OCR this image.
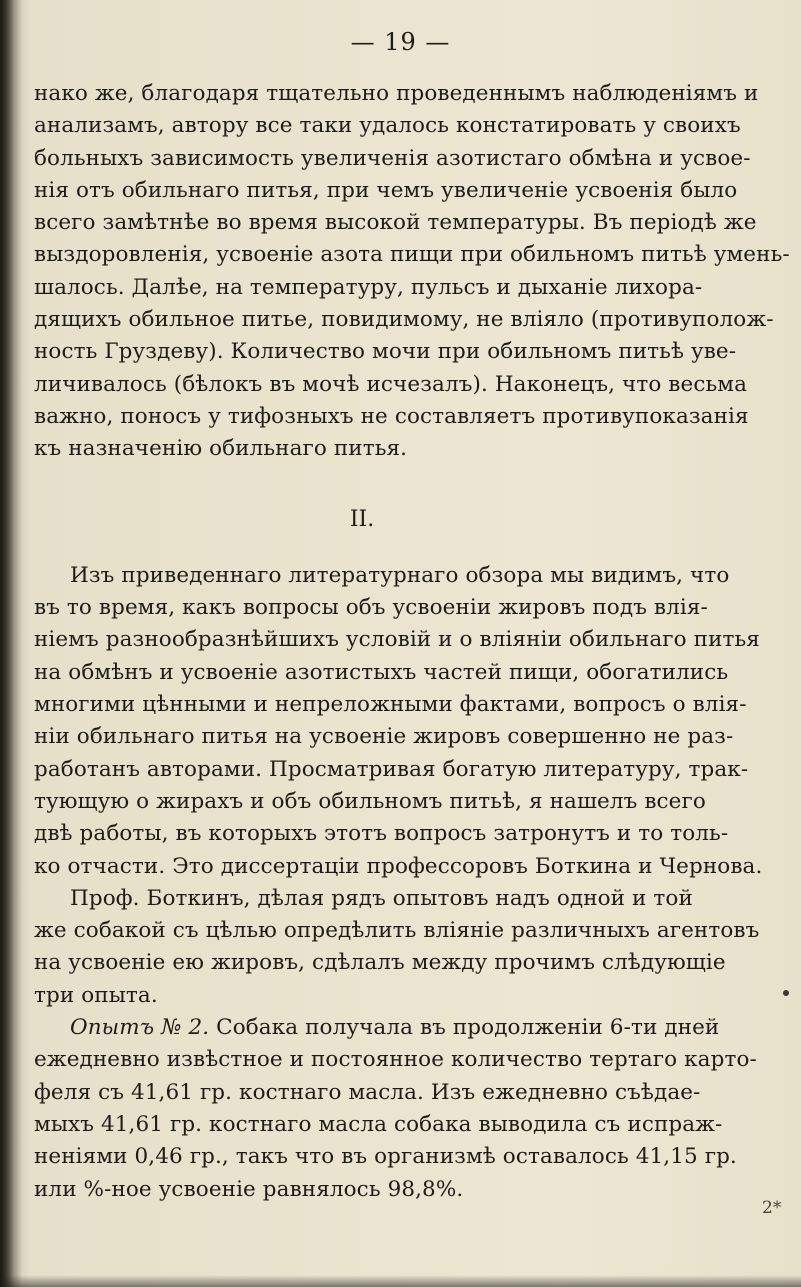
— 19 —
нако же, благодаря тщательно проведеннымъ наблюденіямъ и
анализамъ, автору все таки удалось констатировать у своихъ
больныхъ зависимость увеличенія азотистаго обмѣна и усвое-
нія отъ обильнаго питья, при чемъ увеличеніе усвоенія было
всего замѣтнѣе во время высокой температуры. Въ періодѣ же
выздоровленія, усвоеніе азота пищи при обильномъ питьѣ умень-
шалось. Далѣе, на температуру, пульсъ и дыханіе лихора-
дящихъ обильное питье, повидимому, не вліяло (противуполож-
ность Груздеву). Количество мочи при обильномъ питьѣ уве-
личивалось (бѣлокъ въ мочѣ исчезалъ). Наконецъ, что весьма
важно, поносъ у тифозныхъ не составляетъ противупоказанія
къ назначенію обильнаго питья.
II.
Изъ приведеннаго литературнаго обзора мы видимъ, что
въ то время, какъ вопросы объ усвоеніи жировъ подъ влія-
ніемъ разнообразнѣйшихъ условій и о вліяніи обильнаго питья
на обмѣнъ и усвоеніе азотистыхъ частей пищи, обогатились
многими цѣнными и непреложными фактами, вопросъ о влія-
ніи обильнаго питья на усвоеніе жировъ совершенно не раз-
работанъ авторами. Просматривая богатую литературу, трак-
тующую о жирахъ и объ обильномъ питьѣ, я нашелъ всего
двѣ работы, въ которыхъ этотъ вопросъ затронутъ и то толь-
ко отчасти. Это диссертаціи профессоровъ Боткина и Чернова.
Проф. Боткинъ, дѣлая рядъ опытовъ надъ одной и той
же собакой съ цѣлью опредѣлить вліяніе различныхъ агентовъ
на усвоеніе ею жировъ, сдѣлалъ между прочимъ слѣдующіе
три опыта.
Опытъ № 2. Собака получала въ продолженіи 6-ти дней
ежедневно извѣстное и постоянное количество тертаго карто-
феля съ 41,61 гр. костнаго масла. Изъ ежедневно съѣдае-
мыхъ 41,61 гр. костнаго масла собака выводила съ испраж-
неніями 0,46 гр., такъ что въ организмѣ оставалось 41,15 гр.
или %-ное усвоеніе равнялось 98,8%.
2*
